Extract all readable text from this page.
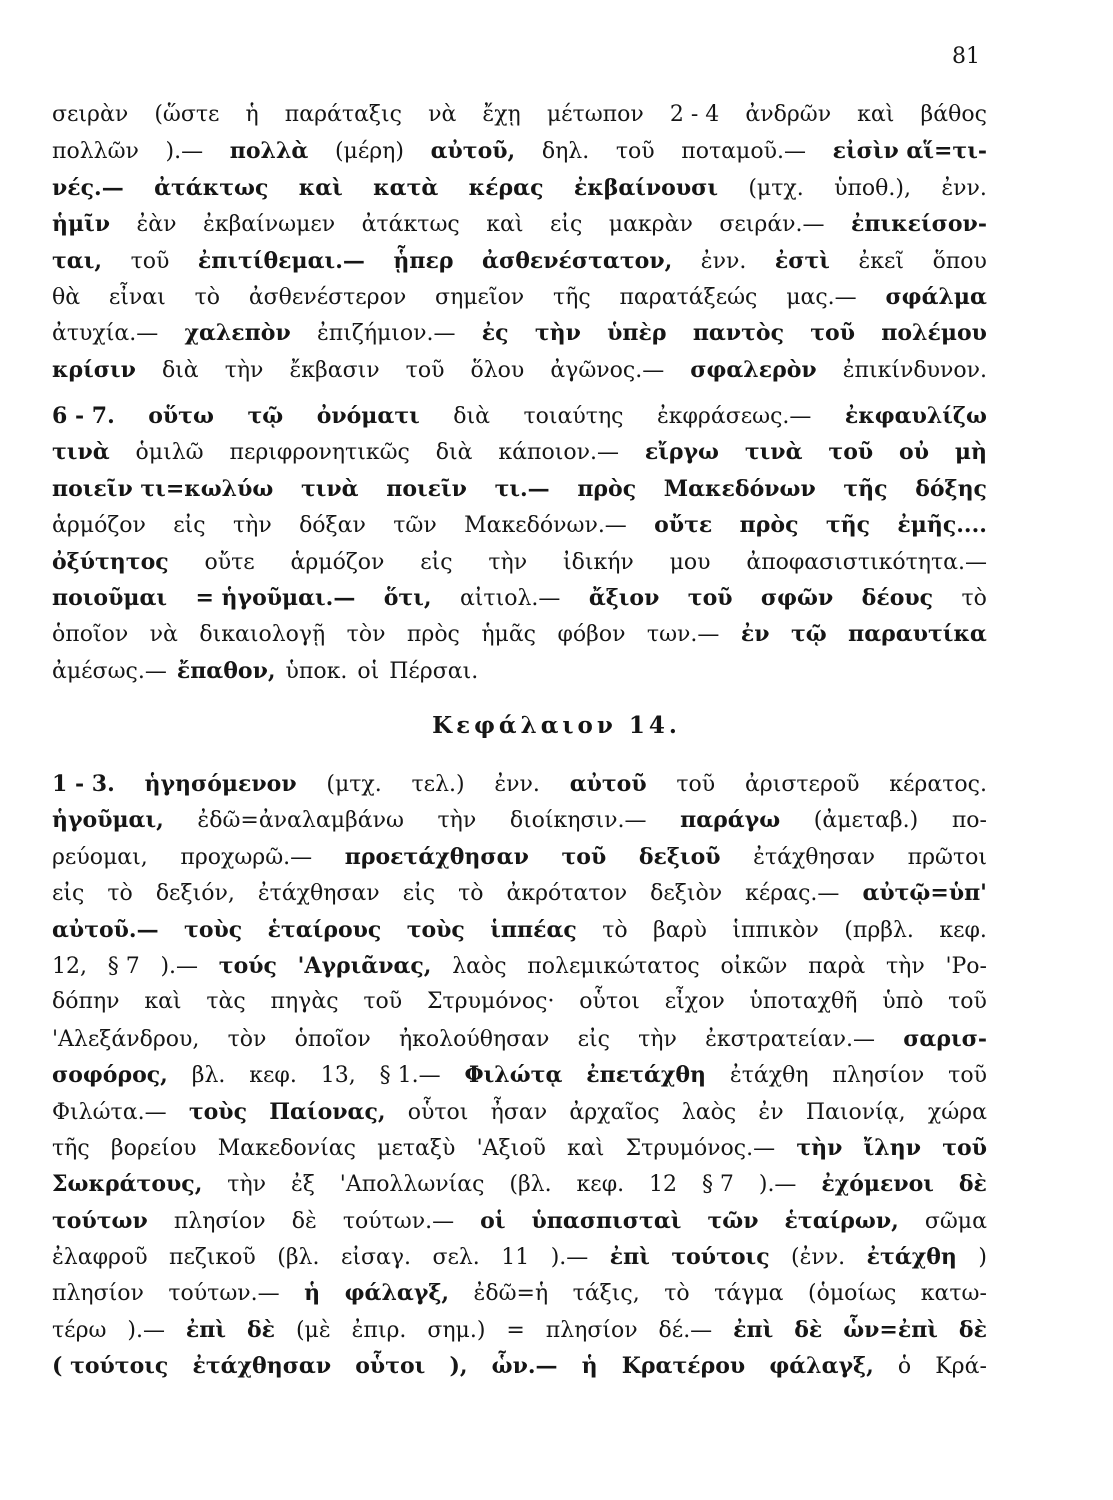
81
σειρὰν (ὥστε ἡ παράταξις νὰ ἔχῃ μέτωπον 2 - 4 ἀνδρῶν καὶ βάθος
πολλῶν ).— πολλὰ (μέρη) αὐτοῦ, δηλ. τοῦ ποταμοῦ.— εἰσὶν αἵ=τι-
νές.— ἀτάκτως καὶ κατὰ κέρας ἐκβαίνουσι (μτχ. ὑποθ.), ἐνν.
ἡμῖν ἐὰν ἐκβαίνωμεν ἀτάκτως καὶ εἰς μακρὰν σειράν.— ἐπικείσον-
ται, τοῦ ἐπιτίθεμαι.— ᾗπερ ἀσθενέστατον, ἐνν. ἐστὶ ἐκεῖ ὅπου
θὰ εἶναι τὸ ἀσθενέστερον σημεῖον τῆς παρατάξεώς μας.— σφάλμα
ἀτυχία.— χαλεπὸν ἐπιζήμιον.— ἐς τὴν ὑπὲρ παντὸς τοῦ πολέμου
κρίσιν διὰ τὴν ἔκβασιν τοῦ ὅλου ἀγῶνος.— σφαλερὸν ἐπικίνδυνον.
6 - 7. οὕτω τῷ ὀνόματι διὰ τοιαύτης ἐκφράσεως.— ἐκφαυλίζω
τινὰ ὁμιλῶ περιφρονητικῶς διὰ κάποιον.— εἴργω τινὰ τοῦ οὐ μὴ
ποιεῖν τι=κωλύω τινὰ ποιεῖν τι.— πρὸς Μακεδόνων τῆς δόξης
ἁρμόζον εἰς τὴν δόξαν τῶν Μακεδόνων.— οὔτε πρὸς τῆς ἐμῆς....
ὀξύτητος οὔτε ἁρμόζον εἰς τὴν ἰδικήν μου ἀποφασιστικότητα.—
ποιοῦμαι = ἡγοῦμαι.— ὅτι, αἰτιολ.— ἄξιον τοῦ σφῶν δέους τὸ
ὁποῖον νὰ δικαιολογῇ τὸν πρὸς ἡμᾶς φόβον των.— ἐν τῷ παραυτίκα
ἀμέσως.— ἔπαθον, ὑποκ. οἱ Πέρσαι.
Κεφάλαιον 14.
1 - 3. ἡγησόμενον (μτχ. τελ.) ἐνν. αὐτοῦ τοῦ ἀριστεροῦ κέρατος.
ἡγοῦμαι, ἐδῶ=ἀναλαμβάνω τὴν διοίκησιν.— παράγω (ἀμεταβ.) πο-
ρεύομαι, προχωρῶ.— προετάχθησαν τοῦ δεξιοῦ ἐτάχθησαν πρῶτοι
εἰς τὸ δεξιόν, ἐτάχθησαν εἰς τὸ ἀκρότατον δεξιὸν κέρας.— αὐτῷ=ὑπ'
αὐτοῦ.— τοὺς ἑταίρους τοὺς ἱππέας τὸ βαρὺ ἱππικὸν (πρβλ. κεφ.
12, § 7 ).— τούς 'Αγριᾶνας, λαὸς πολεμικώτατος οἰκῶν παρὰ τὴν 'Ρο-
δόπην καὶ τὰς πηγὰς τοῦ Στρυμόνος· οὗτοι εἶχον ὑποταχθῆ ὑπὸ τοῦ
'Αλεξάνδρου, τὸν ὁποῖον ἠκολούθησαν εἰς τὴν ἐκστρατείαν.— σαρισ-
σοφόρος, βλ. κεφ. 13, § 1.— Φιλώτᾳ ἐπετάχθη ἐτάχθη πλησίον τοῦ
Φιλώτα.— τοὺς Παίονας, οὗτοι ἦσαν ἀρχαῖος λαὸς ἐν Παιονίᾳ, χώρα
τῆς βορείου Μακεδονίας μεταξὺ 'Αξιοῦ καὶ Στρυμόνος.— τὴν ἴλην τοῦ
Σωκράτους, τὴν ἐξ 'Απολλωνίας (βλ. κεφ. 12 § 7 ).— ἐχόμενοι δὲ
τούτων πλησίον δὲ τούτων.— οἱ ὑπασπισταὶ τῶν ἑταίρων, σῶμα
ἐλαφροῦ πεζικοῦ (βλ. εἰσαγ. σελ. 11 ).— ἐπὶ τούτοις (ἐνν. ἐτάχθη )
πλησίον τούτων.— ἡ φάλαγξ, ἐδῶ=ἡ τάξις, τὸ τάγμα (ὁμοίως κατω-
τέρω ).— ἐπὶ δὲ (μὲ ἐπιρ. σημ.) = πλησίον δέ.— ἐπὶ δὲ ὧν=ἐπὶ δὲ
( τούτοις ἐτάχθησαν οὗτοι ), ὧν.— ἡ Κρατέρου φάλαγξ, ὁ Κρά-
